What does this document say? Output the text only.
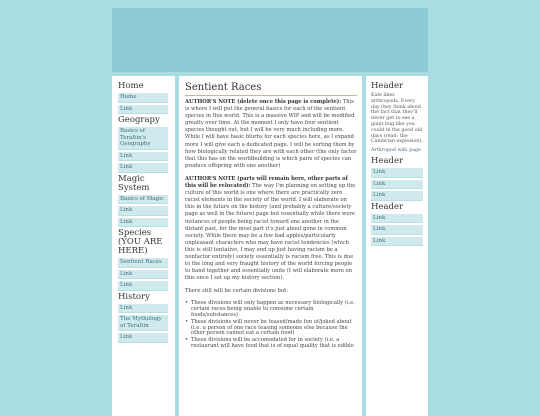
Home
Home
Link
Geograpy
Basics of Teraltin's Geography
Link
Link
Magic System
Basics of Magic
Link
Link
Species (YOU ARE HERE)
Sentient Races
Link
Link
History
Link
The Mythology of Teraltin
Link
Sentient Races

AUTHOR'S NOTE (delete once this page is complete): This is where I will put the general basics for each of the sentient species in this world. This is a massive WIP and will be modified greatly over time. At the moment I only have four sentient species thought out, but I will be very much including more. While I will have basic blurbs for each species here, as I expand more I will give each a dedicated page. I will be sorting them by how biologically related they are with each other (the only factor that this has on the worldbuilding is which pairs of species can produce offspring with one another)

AUTHOR'S NOTE (parts will remain here, other parts of this will be relocated): The way I'm planning on setting up the culture of this world is one where there are practically zero racist elements in the society of the world. I will elaborate on this in the future on the history (and probably a culture/society page as well in the future) page but essentially while there were instances of people being racist toward one another in the distant past, for the most part it's just about gone in common society. While there may be a few bad apples/particularly unpleasant characters who may have racist tendencies (which this is still tentative, I may end up just having racism be a nonfactor entirely) society essentially is racism free. This is due to the long and very fraught history of the world forcing people to band together and essentially unite (I will elaborate more on this once I set up my history section).

There still will be certain divisions but:

• These divisions will only happen as necessary biologically (i.e. certain races being unable to consume certain foods/substances)
• These divisions will never be teased/made fun of/joked about (i.e. a person of one race teasing someone else because the other person cannot eat a certain food)
• These divisions will be accomodated for in society (i.e. a restaurant will have food that is of equal quality that is edible
Header

Kale likes arthropods. Every day they think about the fact that they'll never get to see a giant bug like you could in the good old days (read: the Cambrian explosion).

Arthropod wiki page
Header
Link
Link
Link
Header
Link
Link
Link
